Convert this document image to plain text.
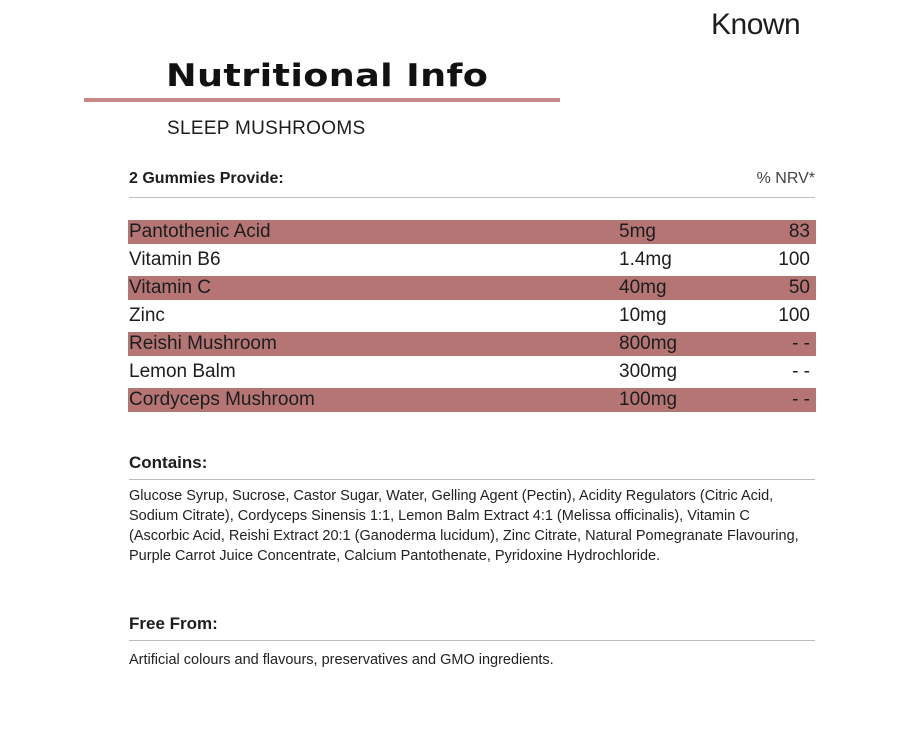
Known
Nutritional Info
SLEEP MUSHROOMS
2 Gummies Provide:	% NRV*
Pantothenic Acid	5mg	83
Vitamin B6	1.4mg	100
Vitamin C	40mg	50
Zinc	10mg	100
Reishi Mushroom	800mg	- -
Lemon Balm	300mg	- -
Cordyceps Mushroom	100mg	- -
Contains:
Glucose Syrup, Sucrose, Castor Sugar, Water, Gelling Agent (Pectin), Acidity Regulators (Citric Acid, Sodium Citrate), Cordyceps Sinensis 1:1, Lemon Balm Extract 4:1 (Melissa officinalis), Vitamin C (Ascorbic Acid, Reishi Extract 20:1 (Ganoderma lucidum), Zinc Citrate, Natural Pomegranate Flavouring, Purple Carrot Juice Concentrate, Calcium Pantothenate, Pyridoxine Hydrochloride.
Free From:
Artificial colours and flavours, preservatives and GMO ingredients.
